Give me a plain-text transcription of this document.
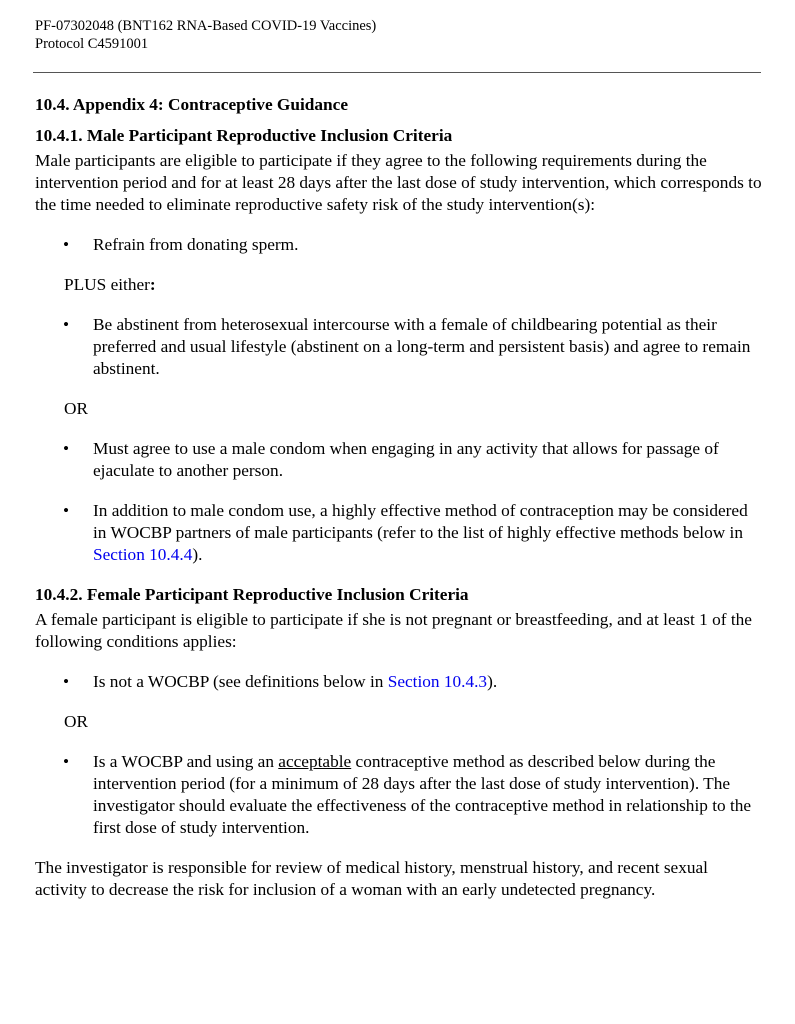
PF-07302048 (BNT162 RNA-Based COVID-19 Vaccines)
Protocol C4591001
10.4. Appendix 4: Contraceptive Guidance
10.4.1. Male Participant Reproductive Inclusion Criteria

Male participants are eligible to participate if they agree to the following requirements during the intervention period and for at least 28 days after the last dose of study intervention, which corresponds to the time needed to eliminate reproductive safety risk of the study intervention(s):

• Refrain from donating sperm.

PLUS either:

• Be abstinent from heterosexual intercourse with a female of childbearing potential as their preferred and usual lifestyle (abstinent on a long-term and persistent basis) and agree to remain abstinent.

OR

• Must agree to use a male condom when engaging in any activity that allows for passage of ejaculate to another person.
• In addition to male condom use, a highly effective method of contraception may be considered in WOCBP partners of male participants (refer to the list of highly effective methods below in Section 10.4.4).
10.4.2. Female Participant Reproductive Inclusion Criteria

A female participant is eligible to participate if she is not pregnant or breastfeeding, and at least 1 of the following conditions applies:

• Is not a WOCBP (see definitions below in Section 10.4.3).

OR

• Is a WOCBP and using an acceptable contraceptive method as described below during the intervention period (for a minimum of 28 days after the last dose of study intervention). The investigator should evaluate the effectiveness of the contraceptive method in relationship to the first dose of study intervention.

The investigator is responsible for review of medical history, menstrual history, and recent sexual activity to decrease the risk for inclusion of a woman with an early undetected pregnancy.
